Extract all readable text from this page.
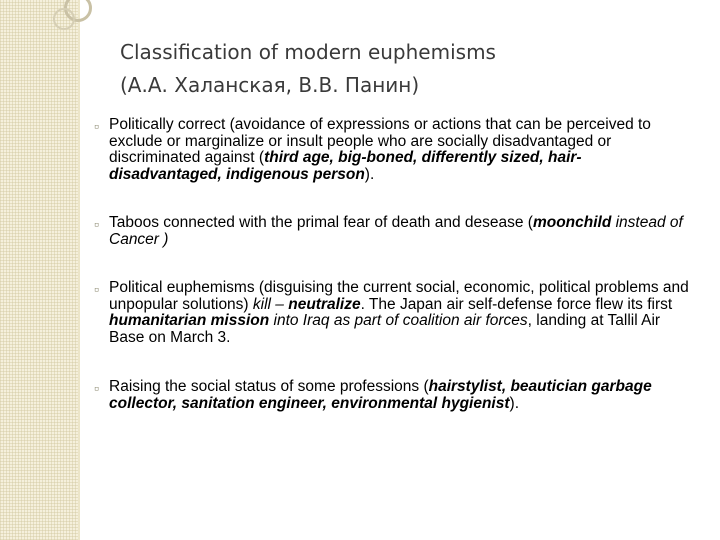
Classification of modern euphemisms
(А.А. Халанская, В.В. Панин)
▫ Politically correct (avoidance of expressions or actions that can be perceived to exclude or marginalize or insult people who are socially disadvantaged or discriminated against (third age, big-boned, differently sized, hair-disadvantaged, indigenous person).
▫ Taboos connected with the primal fear of death and desease (moonchild instead of Cancer )
▫ Political euphemisms (disguising the current social, economic, political problems and unpopular solutions) kill – neutralize. The Japan air self-defense force flew its first humanitarian mission into Iraq as part of coalition air forces, landing at Tallil Air Base on March 3.
▫ Raising the social status of some professions (hairstylist, beautician garbage collector, sanitation engineer, environmental hygienist).
